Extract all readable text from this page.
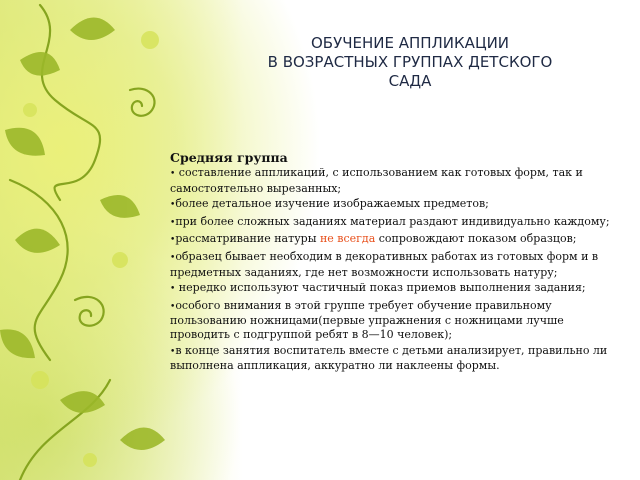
ОБУЧЕНИЕ АППЛИКАЦИИ
В ВОЗРАСТНЫХ ГРУППАХ ДЕТСКОГО
САДА
Средняя группа
• составление аппликаций, с использованием как готовых форм, так и самостоятельно вырезанных;
•более детальное изучение изображаемых предметов;
•при более сложных заданиях материал раздают индивидуально каждому;
•рассматривание натуры не всегда сопровождают показом образцов;
•образец бывает необходим в декоративных работах из готовых форм и в предметных заданиях, где нет возможности использовать натуру;
• нередко используют частичный показ приемов выполнения задания;
•особого внимания в этой группе требует обучение правильному пользованию ножницами(первые упражнения с ножницами лучше проводить с подгруппой ребят в 8—10 человек);
•в конце занятия воспитатель вместе с детьми анализирует, правильно ли выполнена аппликация, аккуратно ли наклеены формы.
